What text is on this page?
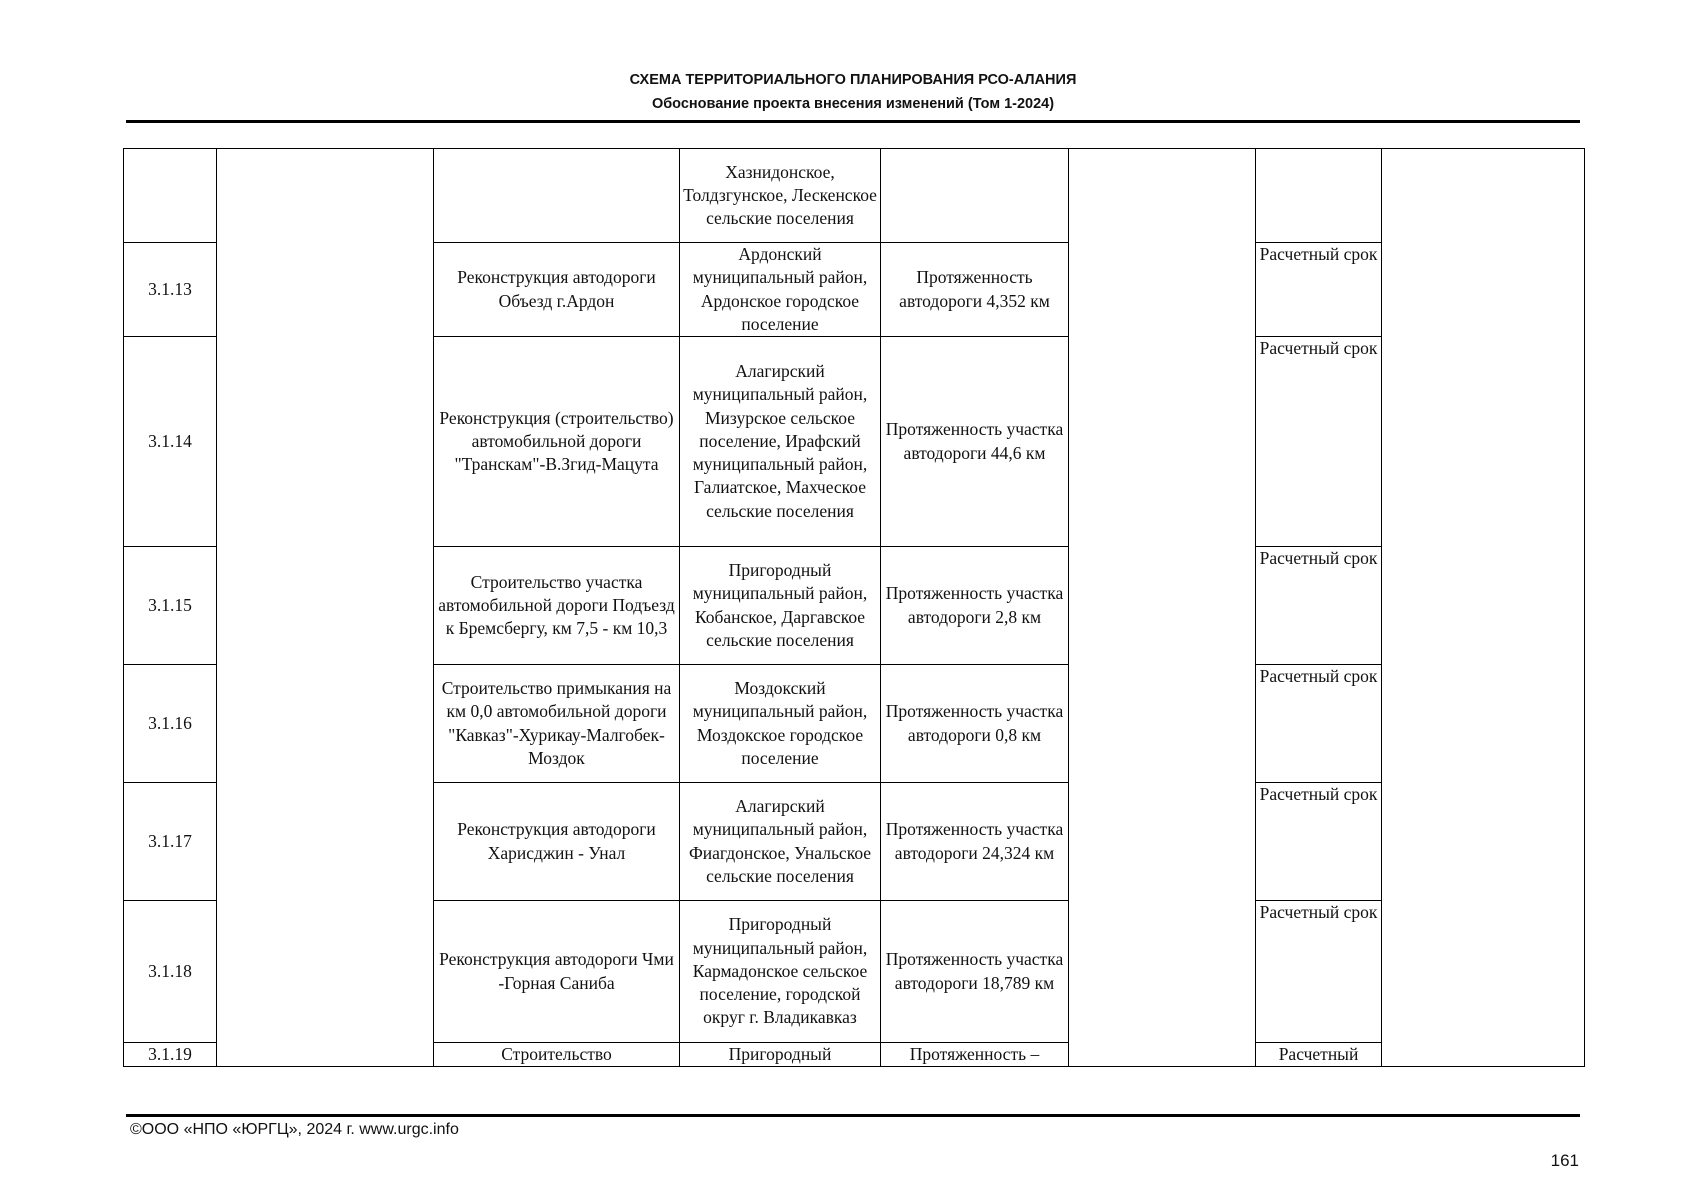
СХЕМА ТЕРРИТОРИАЛЬНОГО ПЛАНИРОВАНИЯ РСО-АЛАНИЯ
Обоснование проекта внесения изменений (Том 1-2024)
			Хазнидонское, Толдзгунское, Лескенское сельские поселения				
3.1.13		Реконструкция автодороги Объезд г.Ардон	Ардонский муниципальный район, Ардонское городское поселение	Протяженность автодороги 4,352 км		Расчетный срок	
3.1.14		Реконструкция (строительство) автомобильной дороги "Транскам"-В.Згид-Мацута	Алагирский муниципальный район, Мизурское сельское поселение, Ирафский муниципальный район, Галиатское, Махческое сельские поселения	Протяженность участка автодороги 44,6 км		Расчетный срок	
3.1.15		Строительство участка автомобильной дороги Подъезд к Бремсбергу, км 7,5 - км 10,3	Пригородный муниципальный район, Кобанское, Даргавское сельские поселения	Протяженность участка автодороги 2,8 км		Расчетный срок	
3.1.16		Строительство примыкания на км 0,0 автомобильной дороги "Кавказ"-Хурикау-Малгобек-Моздок	Моздокский муниципальный район, Моздокское городское поселение	Протяженность участка автодороги 0,8 км		Расчетный срок	
3.1.17		Реконструкция автодороги Харисджин - Унал	Алагирский муниципальный район, Фиагдонское, Унальское сельские поселения	Протяженность участка автодороги 24,324 км		Расчетный срок	
3.1.18		Реконструкция автодороги Чми -Горная Саниба	Пригородный муниципальный район, Кармадонское сельское поселение, городской округ г. Владикавказ	Протяженность участка автодороги 18,789 км		Расчетный срок	
3.1.19		Строительство	Пригородный	Протяженность –		Расчетный	
©ООО «НПО «ЮРГЦ», 2024 г. www.urgc.info
161
